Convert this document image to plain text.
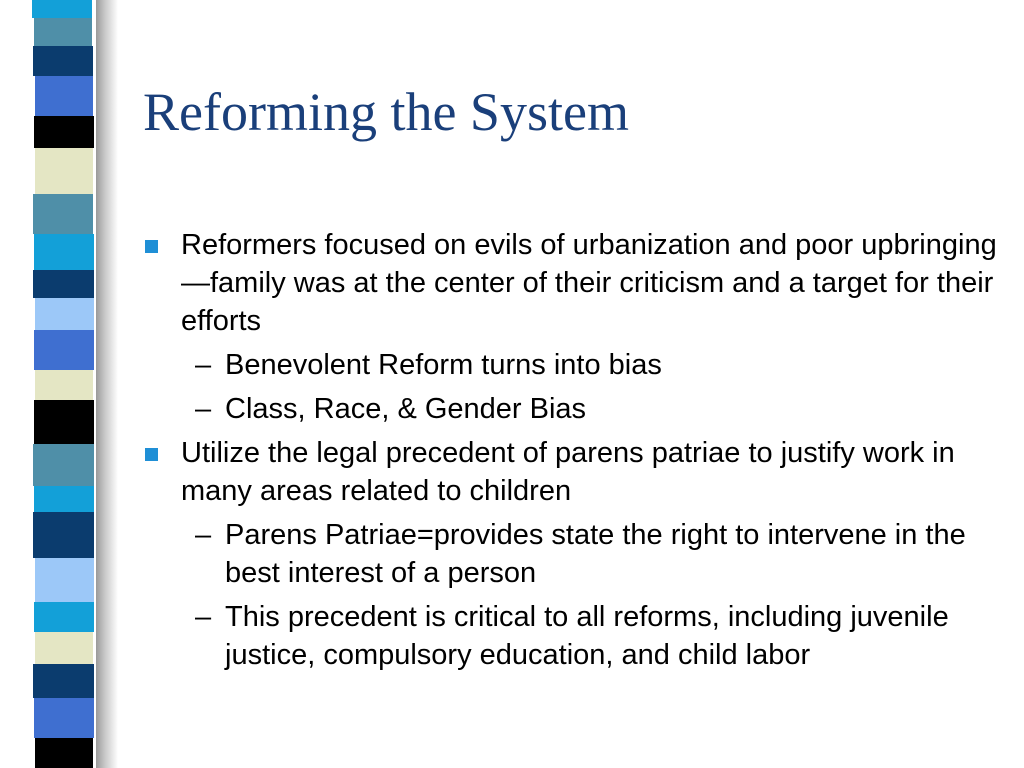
Reforming the System
Reformers focused on evils of urbanization and poor upbringing—family was at the center of their criticism and a target for their efforts
– Benevolent Reform turns into bias
– Class, Race, & Gender Bias
Utilize the legal precedent of parens patriae to justify work in many areas related to children
– Parens Patriae=provides state the right to intervene in the best interest of a person
– This precedent is critical to all reforms, including juvenile justice, compulsory education, and child labor
